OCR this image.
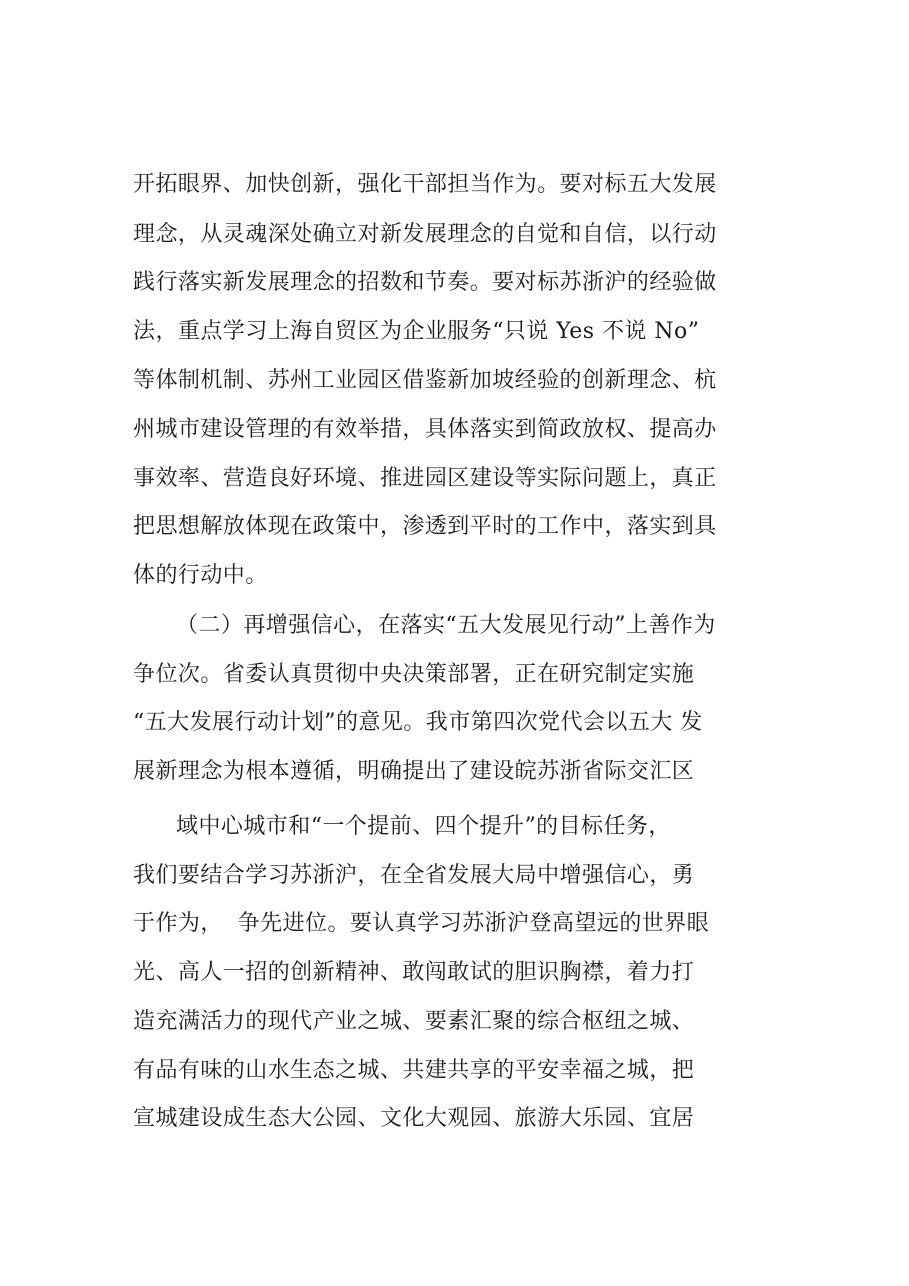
开拓眼界、加快创新，强化干部担当作为。要对标五大发展
理念，从灵魂深处确立对新发展理念的自觉和自信，以行动
践行落实新发展理念的招数和节奏。要对标苏浙沪的经验做
法，重点学习上海自贸区为企业服务“只说 Yes 不说 No”
等体制机制、苏州工业园区借鉴新加坡经验的创新理念、杭
州城市建设管理的有效举措，具体落实到简政放权、提高办
事效率、营造良好环境、推进园区建设等实际问题上，真正
把思想解放体现在政策中，渗透到平时的工作中，落实到具
体的行动中。
（二）再增强信心，在落实“五大发展见行动”上善作为
争位次。省委认真贯彻中央决策部署，正在研究制定实施
“五大发展行动计划”的意见。我市第四次党代会以五大 发
展新理念为根本遵循，明确提出了建设皖苏浙省际交汇区
域中心城市和“一个提前、四个提升”的目标任务，
我们要结合学习苏浙沪，在全省发展大局中增强信心，勇
于作为，  争先进位。要认真学习苏浙沪登高望远的世界眼
光、高人一招的创新精神、敢闯敢试的胆识胸襟，着力打
造充满活力的现代产业之城、要素汇聚的综合枢纽之城、
有品有味的山水生态之城、共建共享的平安幸福之城，把
宣城建设成生态大公园、文化大观园、旅游大乐园、宜居
